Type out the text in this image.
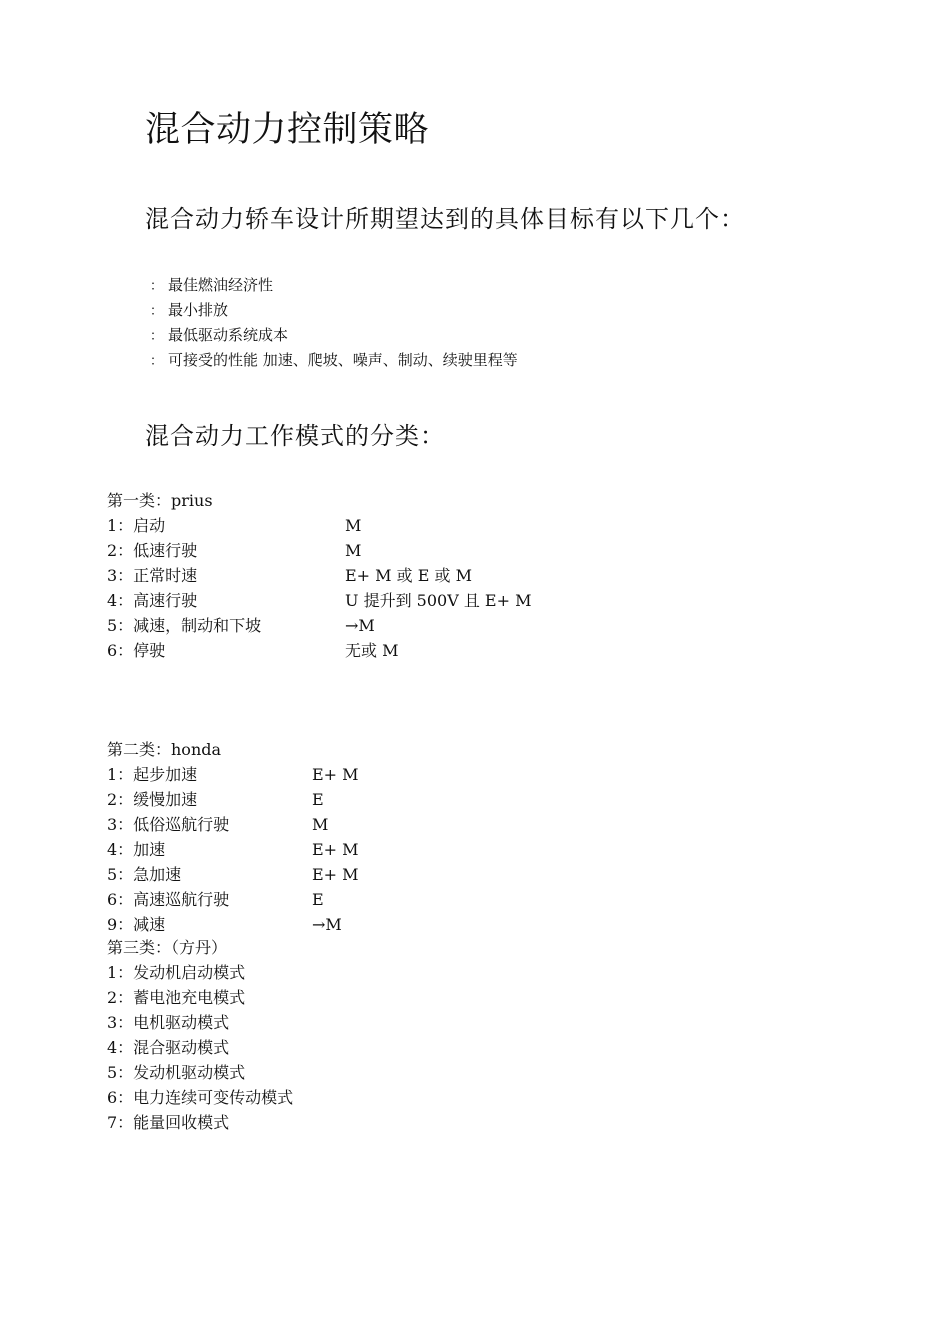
混合动力控制策略
混合动力轿车设计所期望达到的具体目标有以下几个：
： 最佳燃油经济性
： 最小排放
： 最低驱动系统成本
： 可接受的性能 加速、爬坡、噪声、制动、续驶里程等
混合动力工作模式的分类：
第一类：prius
1：启动	M
2：低速行驶	M
3：正常时速	E+ M 或 E 或 M
4：高速行驶	U 提升到 500V 且 E+ M
5：减速，制动和下坡	→M
6：停驶	无或 M
第二类：honda
1：起步加速	E+ M
2：缓慢加速	E
3：低俗巡航行驶	M
4：加速	E+ M
5：急加速	E+ M
6：高速巡航行驶	E
9：减速	→M
第三类：（方丹）
1：发动机启动模式
2：蓄电池充电模式
3：电机驱动模式
4：混合驱动模式
5：发动机驱动模式
6：电力连续可变传动模式
7：能量回收模式
